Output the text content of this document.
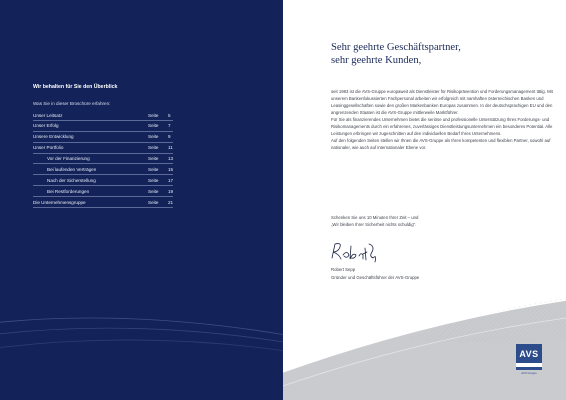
Wir behalten für Sie den Überblick
Was Sie in dieser Broschüre erfahren:
Unser Leitsatz	Seite 5
Unser Erfolg	Seite 7
Unsere Entwicklung	Seite 9
Unser Portfolio	Seite 11
Vor der Finanzierung	Seite 13
Bei laufenden Verträgen	Seite 15
Nach der Sicherstellung	Seite 17
Bei Restforderungen	Seite 19
Die Unternehmensgruppe	Seite 21
Sehr geehrte Geschäftspartner,
sehr geehrte Kunden,

seit 1983 ist die AVS-Gruppe europaweit als Dienstleister für Risikoprävention und Forderungsmanagement tätig. Mit unserem Bankenfokussierten Fachpersonal arbeiten wir erfolgreich mit namhaften österreichischen Banken und Leasinggesellschaften sowie den großen Markenbanken Europas zusammen. In der deutschsprachigen EU und den angrenzenden Staaten ist die AVS-Gruppe mittlerweile Marktführer.

Für Sie als finanzierendes Unternehmen bietet die seriöse und professionelle Unterstützung Ihres Forderungs- und Risikomanagements durch ein erfahrenes, zuverlässiges Dienstleistungsunternehmen ein besonderes Potential. Alle Leistungen erbringen wir zugeschnitten auf den individuellen Bedarf Ihres Unternehmens.

Auf den folgenden Seiten stellen wir Ihnen die AVS-Gruppe als Ihren kompetenten und flexiblen Partner, sowohl auf nationaler, wie auch auf internationaler Ebene vor.

Schenken Sie uns 10 Minuten Ihrer Zeit – und

„Wir bleiben Ihrer Sicherheit nichts schuldig“.

Robert Sepp

Gründer und Geschäftsführer der AVS-Gruppe

AVS
AVS Gruppe
